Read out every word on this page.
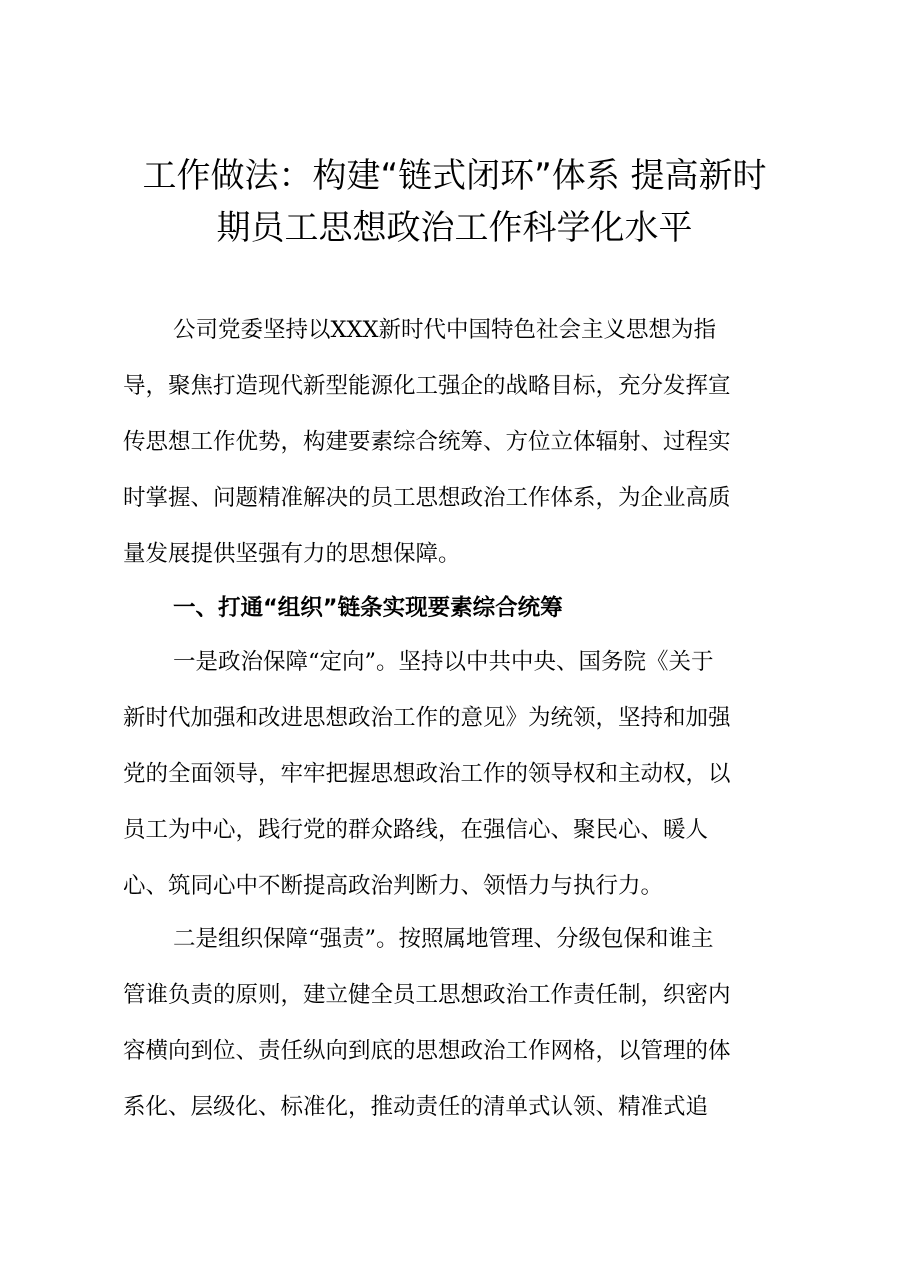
工作做法：构建“链式闭环”体系 提高新时
期员工思想政治工作科学化水平
公司党委坚持以XXX新时代中国特色社会主义思想为指
导，聚焦打造现代新型能源化工强企的战略目标，充分发挥宣
传思想工作优势，构建要素综合统筹、方位立体辐射、过程实
时掌握、问题精准解决的员工思想政治工作体系，为企业高质
量发展提供坚强有力的思想保障。
一、打通“组织”链条实现要素综合统筹
一是政治保障“定向”。坚持以中共中央、国务院《关于
新时代加强和改进思想政治工作的意见》为统领，坚持和加强
党的全面领导，牢牢把握思想政治工作的领导权和主动权，以
员工为中心，践行党的群众路线，在强信心、聚民心、暖人
心、筑同心中不断提高政治判断力、领悟力与执行力。
二是组织保障“强责”。按照属地管理、分级包保和谁主
管谁负责的原则，建立健全员工思想政治工作责任制，织密内
容横向到位、责任纵向到底的思想政治工作网格，以管理的体
系化、层级化、标准化，推动责任的清单式认领、精准式追
